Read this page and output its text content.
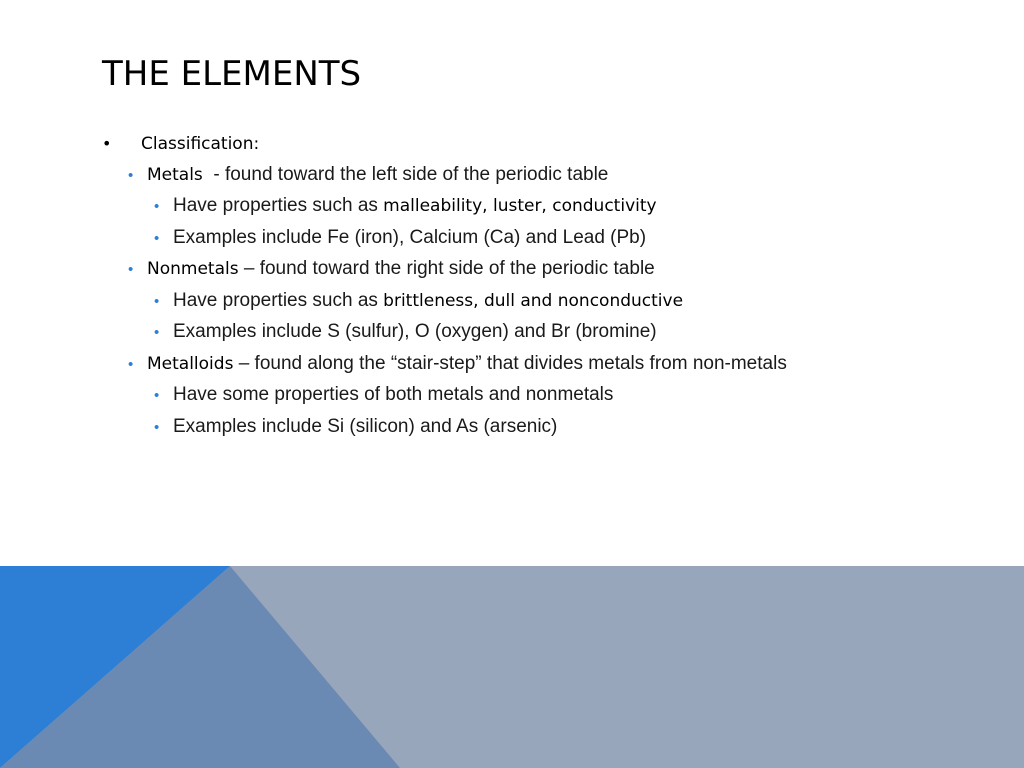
THE ELEMENTS
• Classification:
• Metals  - found toward the left side of the periodic table
• Have properties such as malleability, luster, conductivity
• Examples include Fe (iron), Calcium (Ca) and Lead (Pb)
• Nonmetals – found toward the right side of the periodic table
• Have properties such as brittleness, dull and nonconductive
• Examples include S (sulfur), O (oxygen) and Br (bromine)
• Metalloids – found along the “stair-step” that divides metals from non-metals
• Have some properties of both metals and nonmetals
• Examples include Si (silicon) and As (arsenic)
